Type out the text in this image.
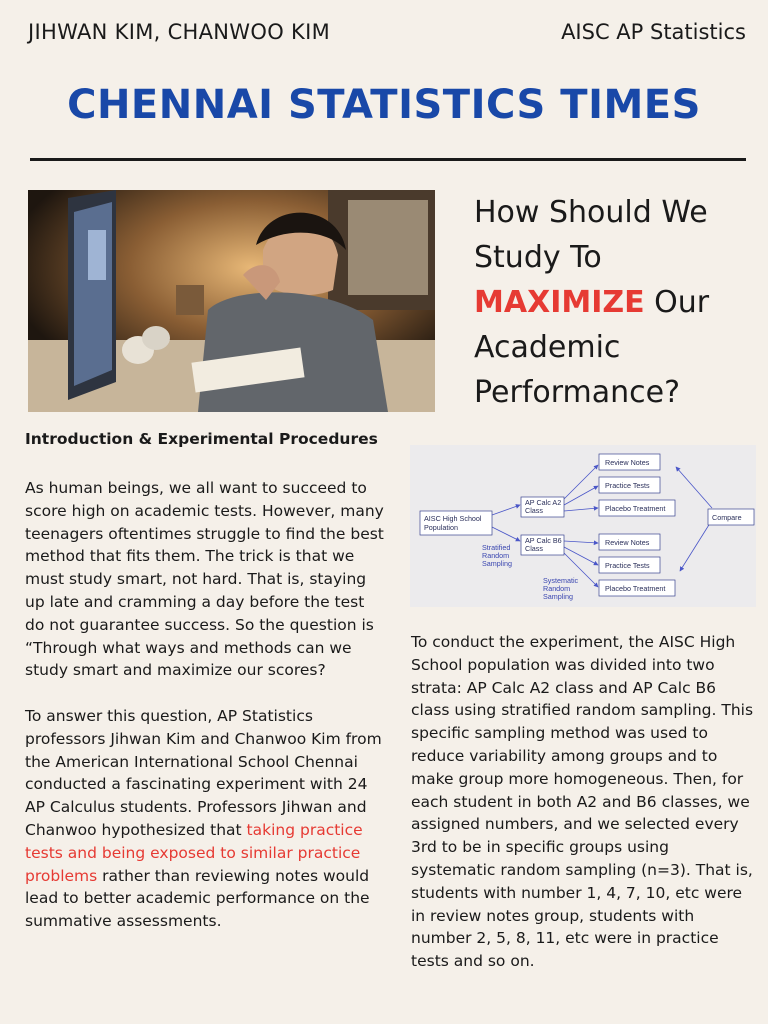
JIHWAN KIM, CHANWOO KIM	AISC AP Statistics
CHENNAI STATISTICS TIMES
How Should We Study To MAXIMIZE Our Academic Performance?
Introduction & Experimental Procedures

As human beings, we all want to succeed to score high on academic tests. However, many teenagers oftentimes struggle to find the best method that fits them. The trick is that we must study smart, not hard. That is, staying up late and cramming a day before the test do not guarantee success. So the question is “Through what ways and methods can we study smart and maximize our scores?

To answer this question, AP Statistics professors Jihwan Kim and Chanwoo Kim from the American International School Chennai conducted a fascinating experiment with 24 AP Calculus students. Professors Jihwan and Chanwoo hypothesized that taking practice tests and being exposed to similar practice problems rather than reviewing notes would lead to better academic performance on the summative assessments.

AISC High School
Population
AP Calc A2
Class
AP Calc B6
Class
Review Notes
Practice Tests
Placebo Treatment
Review Notes
Practice Tests
Placebo Treatment
Compare
Stratified
Random
Sampling
Systematic
Random
Sampling

To conduct the experiment, the AISC High School population was divided into two strata: AP Calc A2 class and AP Calc B6 class using stratified random sampling. This specific sampling method was used to reduce variability among groups and to make group more homogeneous. Then, for each student in both A2 and B6 classes, we assigned numbers, and we selected every 3rd to be in specific groups using systematic random sampling (n=3). That is, students with number 1, 4, 7, 10, etc were in review notes group, students with number 2, 5, 8, 11, etc were in practice tests and so on.
